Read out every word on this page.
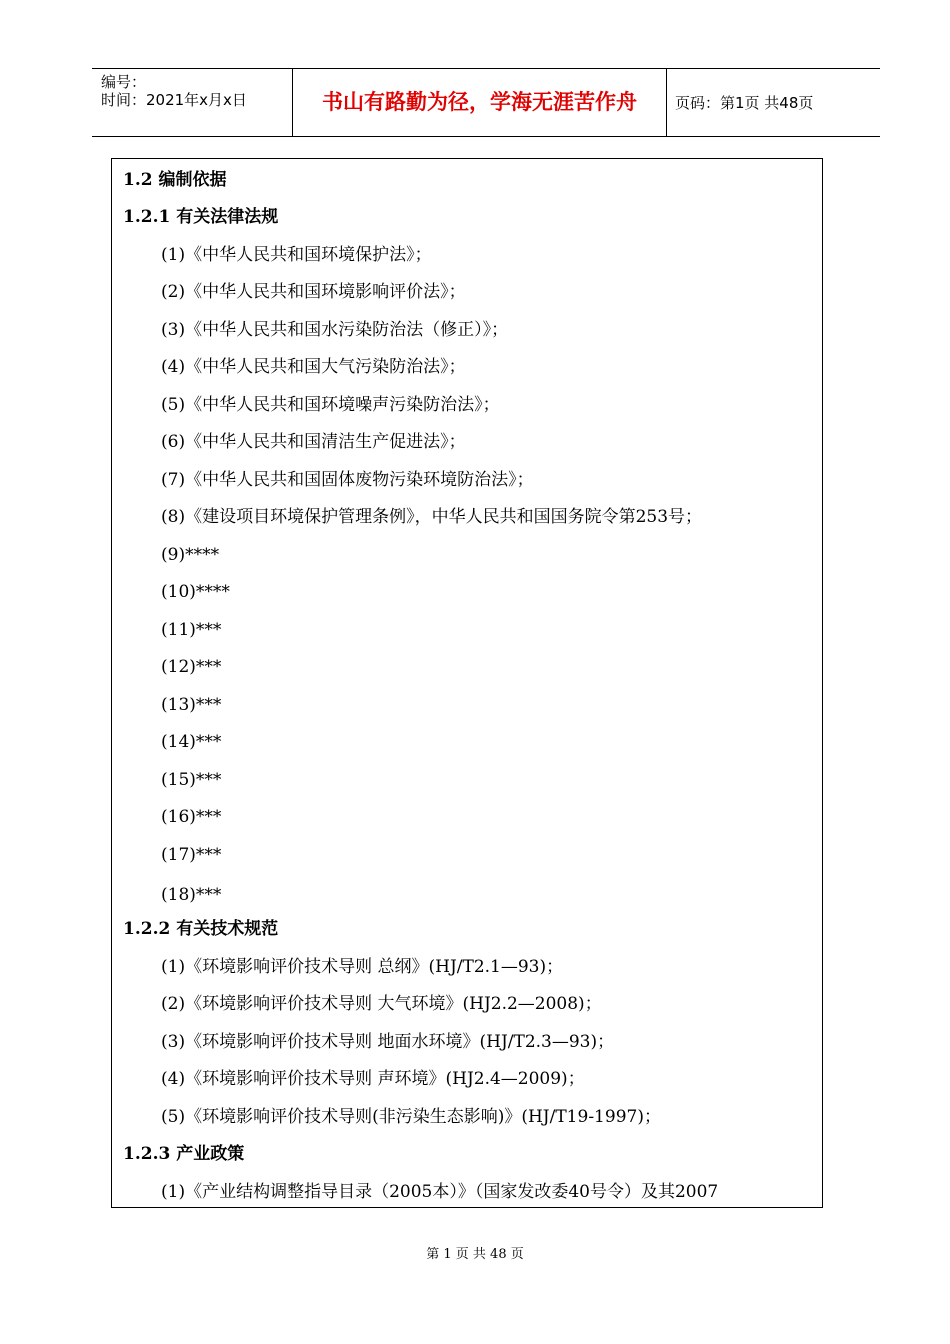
编号：
时间：2021年x月x日	书山有路勤为径，学海无涯苦作舟	页码：第1页 共48页
1.2 编制依据
1.2.1 有关法律法规
(1)《中华人民共和国环境保护法》；
(2)《中华人民共和国环境影响评价法》；
(3)《中华人民共和国水污染防治法（修正）》；
(4)《中华人民共和国大气污染防治法》；
(5)《中华人民共和国环境噪声污染防治法》；
(6)《中华人民共和国清洁生产促进法》；
(7)《中华人民共和国固体废物污染环境防治法》；
(8)《建设项目环境保护管理条例》，中华人民共和国国务院令第253号；
(9)****
(10)****
(11)***
(12)***
(13)***
(14)***
(15)***
(16)***
(17)***
(18)***
1.2.2 有关技术规范
(1)《环境影响评价技术导则 总纲》(HJ/T2.1—93)；
(2)《环境影响评价技术导则 大气环境》(HJ2.2—2008)；
(3)《环境影响评价技术导则 地面水环境》(HJ/T2.3—93)；
(4)《环境影响评价技术导则 声环境》(HJ2.4—2009)；
(5)《环境影响评价技术导则(非污染生态影响)》(HJ/T19-1997)；
1.2.3 产业政策
(1)《产业结构调整指导目录（2005本）》（国家发改委40号令）及其2007
第 1 页 共 48 页
